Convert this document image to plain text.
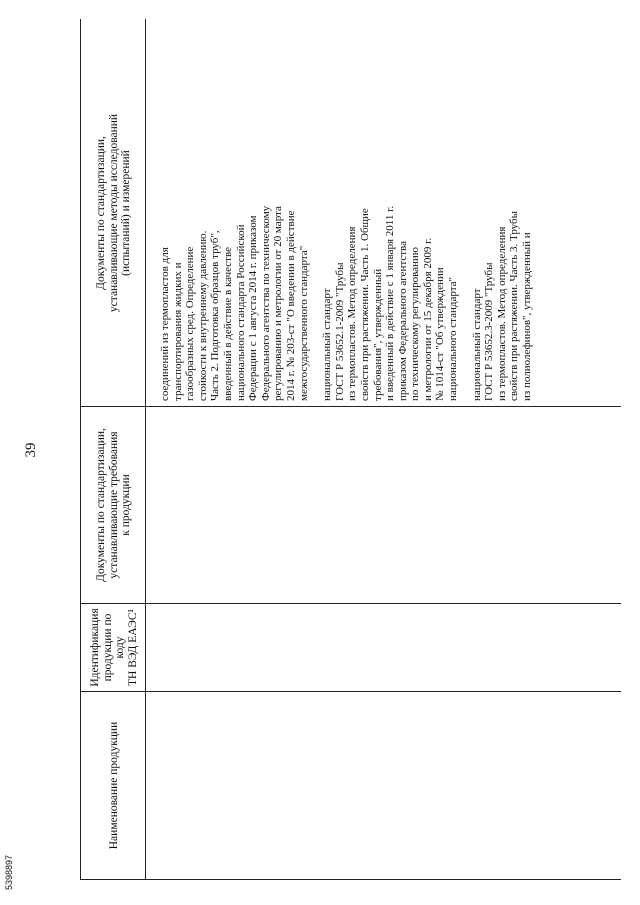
39
Наименование продукции
Идентификация
продукции по коду
ТН ВЭД ЕАЭС¹
Документы по стандартизации,
устанавливающие требования
к продукции
Документы по стандартизации,
устанавливающие методы исследований
(испытаний) и измерений

соединений из термопластов для
транспортирования жидких и
газообразных сред. Определение
стойкости к внутреннему давлению.
Часть 2. Подготовка образцов труб",
введенный в действие в качестве
национального стандарта Российской
Федерации с 1 августа 2014 г. приказом
Федерального агентства по техническому
регулированию и метрологии от 20 марта
2014 г. № 203-ст "О введении в действие
межгосударственного стандарта"

национальный стандарт
ГОСТ Р 53652.1-2009 "Трубы
из термопластов. Метод определения
свойств при растяжении. Часть 1. Общие
требования", утвержденный
и введенный в действие с 1 января 2011 г.
приказом Федерального агентства
по техническому регулированию
и метрологии от 15 декабря 2009 г.
№ 1014-ст "Об утверждении
национального стандарта"

национальный стандарт
ГОСТ Р 53652.3-2009 "Трубы
из термопластов. Метод определения
свойств при растяжении. Часть 3. Трубы
из полиолефинов", утвержденный и

5398897
